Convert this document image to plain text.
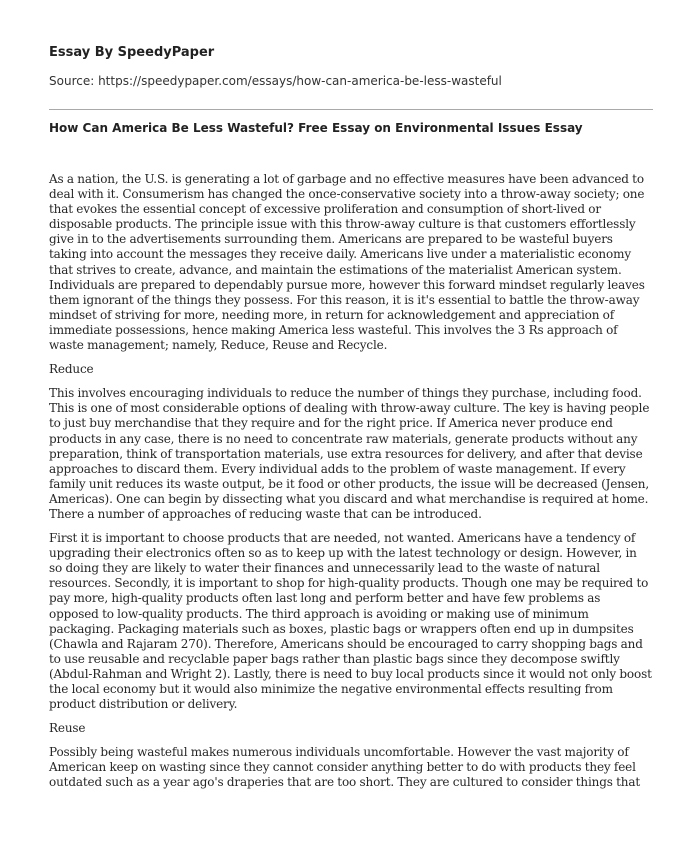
Essay By SpeedyPaper
Source: https://speedypaper.com/essays/how-can-america-be-less-wasteful
How Can America Be Less Wasteful? Free Essay on Environmental Issues Essay

As a nation, the U.S. is generating a lot of garbage and no effective measures have been advanced to deal with it. Consumerism has changed the once-conservative society into a throw-away society; one that evokes the essential concept of excessive proliferation and consumption of short-lived or disposable products. The principle issue with this throw-away culture is that customers effortlessly give in to the advertisements surrounding them. Americans are prepared to be wasteful buyers taking into account the messages they receive daily. Americans live under a materialistic economy that strives to create, advance, and maintain the estimations of the materialist American system. Individuals are prepared to dependably pursue more, however this forward mindset regularly leaves them ignorant of the things they possess. For this reason, it is it's essential to battle the throw-away mindset of striving for more, needing more, in return for acknowledgement and appreciation of immediate possessions, hence making America less wasteful. This involves the 3 Rs approach of waste management; namely, Reduce, Reuse and Recycle.

Reduce

This involves encouraging individuals to reduce the number of things they purchase, including food. This is one of most considerable options of dealing with throw-away culture. The key is having people to just buy merchandise that they require and for the right price. If America never produce end products in any case, there is no need to concentrate raw materials, generate products without any preparation, think of transportation materials, use extra resources for delivery, and after that devise approaches to discard them. Every individual adds to the problem of waste management. If every family unit reduces its waste output, be it food or other products, the issue will be decreased (Jensen, Americas). One can begin by dissecting what you discard and what merchandise is required at home. There a number of approaches of reducing waste that can be introduced.

First it is important to choose products that are needed, not wanted. Americans have a tendency of upgrading their electronics often so as to keep up with the latest technology or design. However, in so doing they are likely to water their finances and unnecessarily lead to the waste of natural resources. Secondly, it is important to shop for high-quality products. Though one may be required to pay more, high-quality products often last long and perform better and have few problems as opposed to low-quality products. The third approach is avoiding or making use of minimum packaging. Packaging materials such as boxes, plastic bags or wrappers often end up in dumpsites (Chawla and Rajaram 270). Therefore, Americans should be encouraged to carry shopping bags and to use reusable and recyclable paper bags rather than plastic bags since they decompose swiftly (Abdul-Rahman and Wright 2). Lastly, there is need to buy local products since it would not only boost the local economy but it would also minimize the negative environmental effects resulting from product distribution or delivery.

Reuse

Possibly being wasteful makes numerous individuals uncomfortable. However the vast majority of American keep on wasting since they cannot consider anything better to do with products they feel outdated such as a year ago's draperies that are too short. They are cultured to consider things that
